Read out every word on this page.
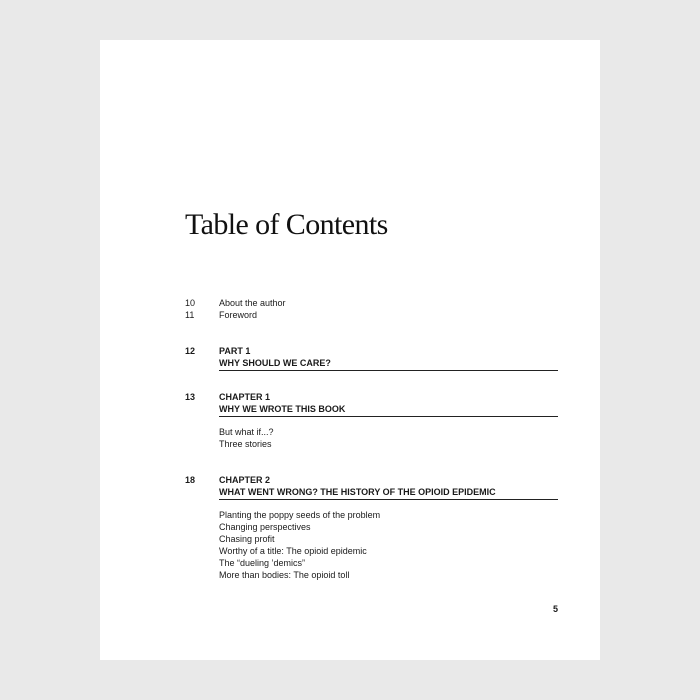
Table of Contents
10	About the author
11	Foreword
12	PART 1
WHY SHOULD WE CARE?
13	CHAPTER 1
WHY WE WROTE THIS BOOK
But what if...?
Three stories
18	CHAPTER 2
WHAT WENT WRONG? THE HISTORY OF THE OPIOID EPIDEMIC
Planting the poppy seeds of the problem
Changing perspectives
Chasing profit
Worthy of a title: The opioid epidemic
The “dueling ’demics”
More than bodies: The opioid toll
5
